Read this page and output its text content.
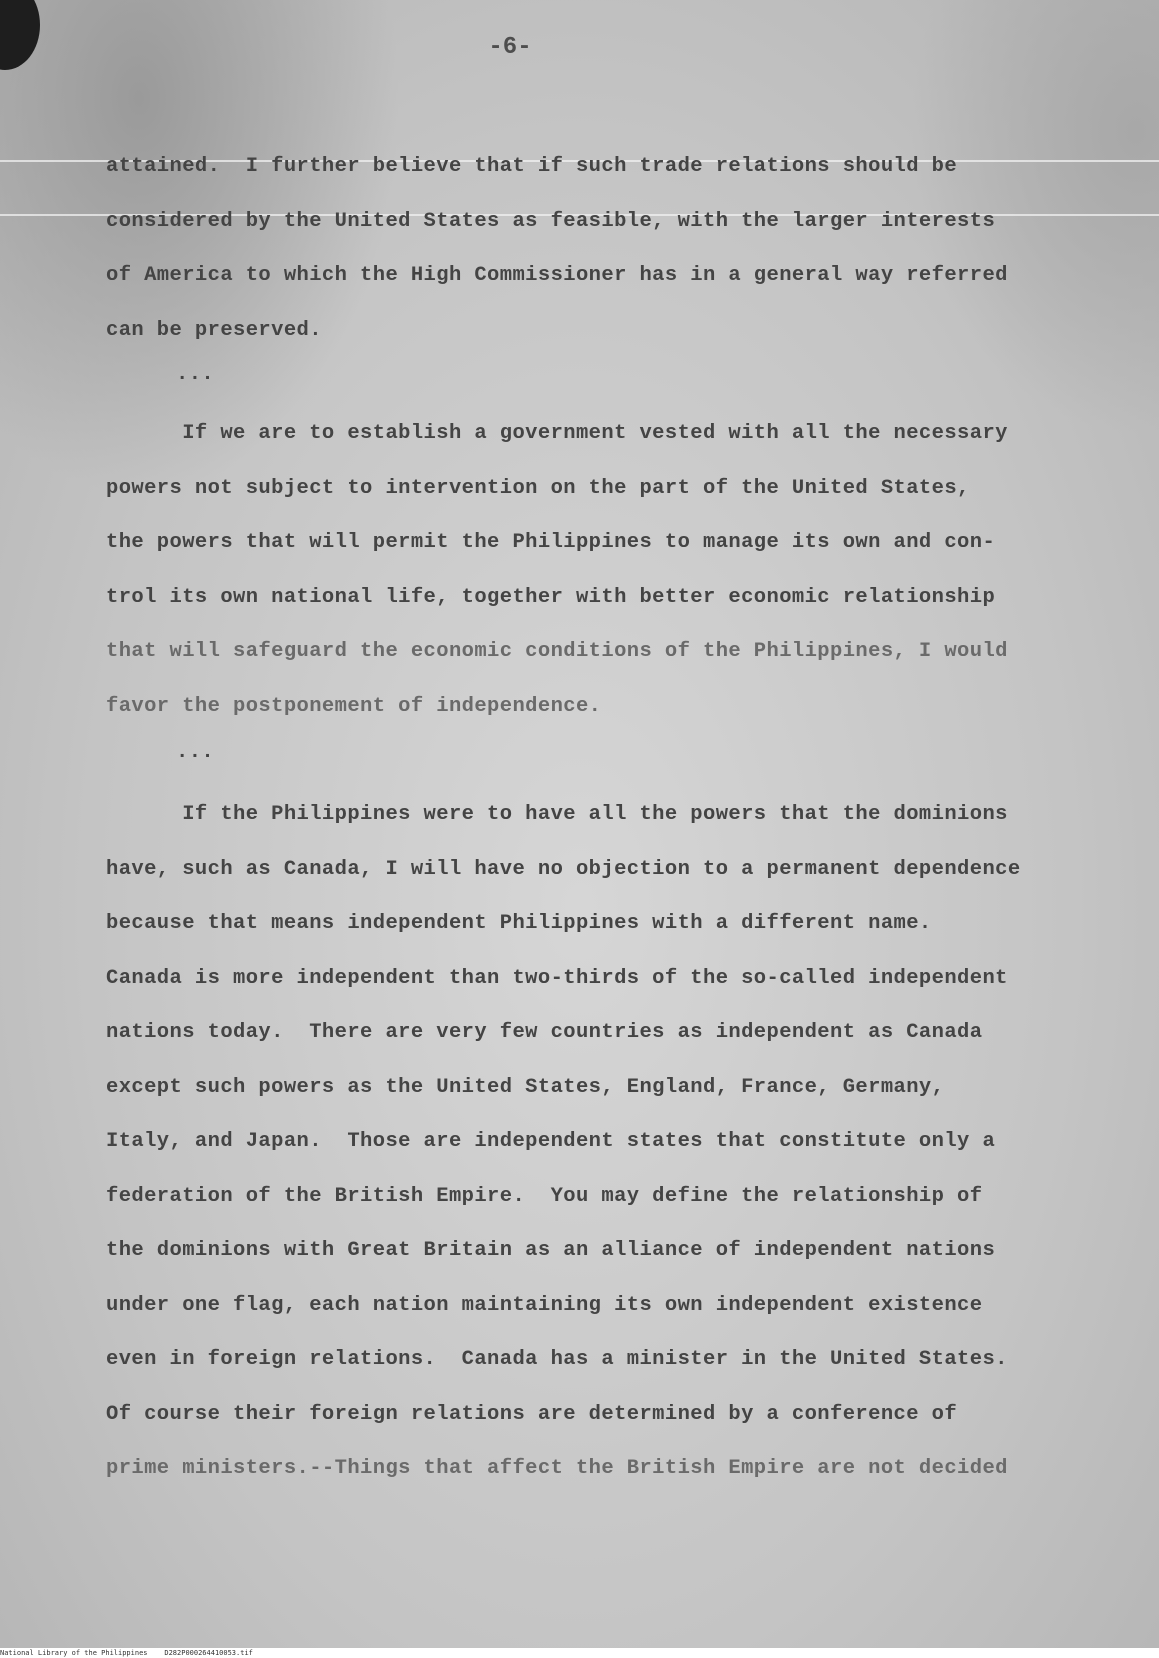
-6-
attained.  I further believe that if such trade relations should be
considered by the United States as feasible, with the larger interests
of America to which the High Commissioner has in a general way referred
can be preserved.
...
If we are to establish a government vested with all the necessary
powers not subject to intervention on the part of the United States,
the powers that will permit the Philippines to manage its own and con-
trol its own national life, together with better economic relationship
that will safeguard the economic conditions of the Philippines, I would
favor the postponement of independence.
...
If the Philippines were to have all the powers that the dominions
have, such as Canada, I will have no objection to a permanent dependence
because that means independent Philippines with a different name.
Canada is more independent than two-thirds of the so-called independent
nations today.  There are very few countries as independent as Canada
except such powers as the United States, England, France, Germany,
Italy, and Japan.  Those are independent states that constitute only a
federation of the British Empire.  You may define the relationship of
the dominions with Great Britain as an alliance of independent nations
under one flag, each nation maintaining its own independent existence
even in foreign relations.  Canada has a minister in the United States.
Of course their foreign relations are determined by a conference of
prime ministers.--Things that affect the British Empire are not decided
National Library of the Philippines D282P000264410053.tif
